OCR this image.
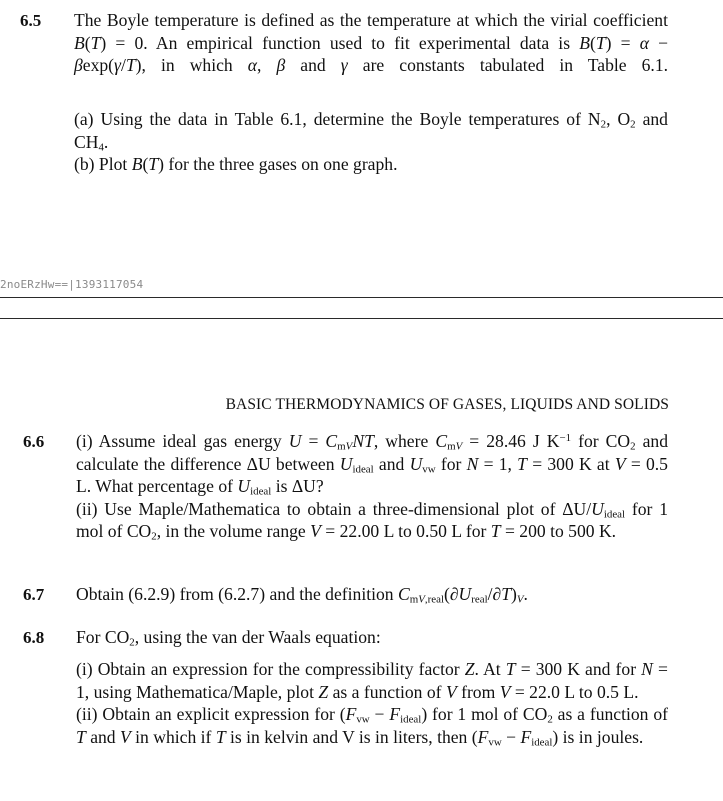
6.5 The Boyle temperature is defined as the temperature at which the virial coefficient B(T) = 0. An empirical function used to fit experimental data is B(T) = α − βexp(γ/T), in which α, β and γ are constants tabulated in Table 6.1.
(a) Using the data in Table 6.1, determine the Boyle temperatures of $N_2$, $O_2$ and $CH_4$.
(b) Plot B(T) for the three gases on one graph.
2noERzHw==|1393117054
BASIC THERMODYNAMICS OF GASES, LIQUIDS AND SOLIDS
6.6 (i) Assume ideal gas energy $U = C_{mV}NT$, where $C_{mV} = 28.46$ J $K^{-1}$ for $CO_2$ and calculate the difference ΔU between $U_{ideal}$ and $U_{vw}$ for N = 1, T = 300 K at V = 0.5 L. What percentage of $U_{ideal}$ is ΔU?
(ii) Use Maple/Mathematica to obtain a three-dimensional plot of $\Delta U/U_{ideal}$ for 1 mol of $CO_2$, in the volume range V = 22.00 L to 0.50 L for T = 200 to 500 K.
6.7 Obtain (6.2.9) from (6.2.7) and the definition $C_{mV,real}(\partial U_{real}/\partial T)_V$.
6.8 For $CO_2$, using the van der Waals equation:
(i) Obtain an expression for the compressibility factor Z. At T = 300 K and for N = 1, using Mathematica/Maple, plot Z as a function of V from V = 22.0 L to 0.5 L.
(ii) Obtain an explicit expression for $(F_{vw} - F_{ideal})$ for 1 mol of $CO_2$ as a function of T and V in which if T is in kelvin and V is in liters, then $(F_{vw} - F_{ideal})$ is in joules.
